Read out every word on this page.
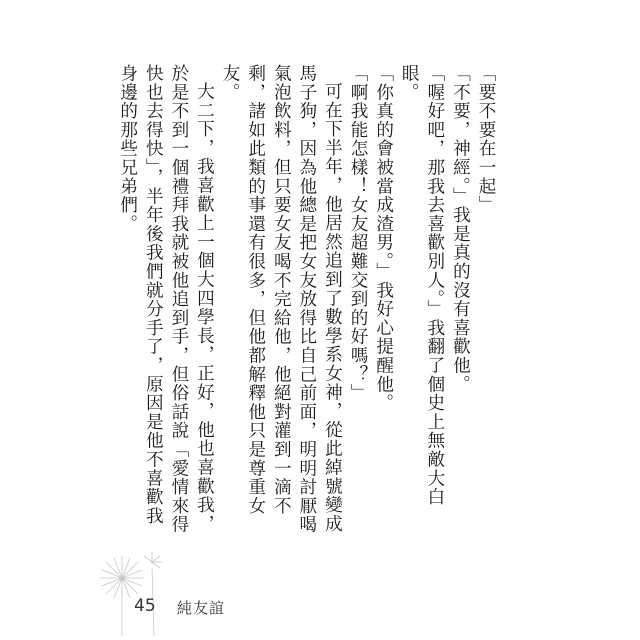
「要不要在一起」

「不要，神經。」我是真的沒有喜歡他。

「喔好吧，那我去喜歡別人。」我翻了個史上無敵大白眼。

「你真的會被當成渣男。」我好心提醒他。

「啊我能怎樣！女友超難交到的好嗎？」

可在下半年，他居然追到了數學系女神，從此綽號變成馬子狗，因為他總是把女友放得比自己前面，明明討厭喝氣泡飲料，但只要女友喝不完給他，他絕對灌到一滴不剩，諸如此類的事還有很多，但他都解釋他只是尊重女友。

大二下，我喜歡上一個大四學長，正好，他也喜歡我，於是不到一個禮拜我就被他追到手，但俗話說「愛情來得快也去得快」，半年後我們就分手了，原因是他不喜歡我身邊的那些兄弟們。

45 純友誼
